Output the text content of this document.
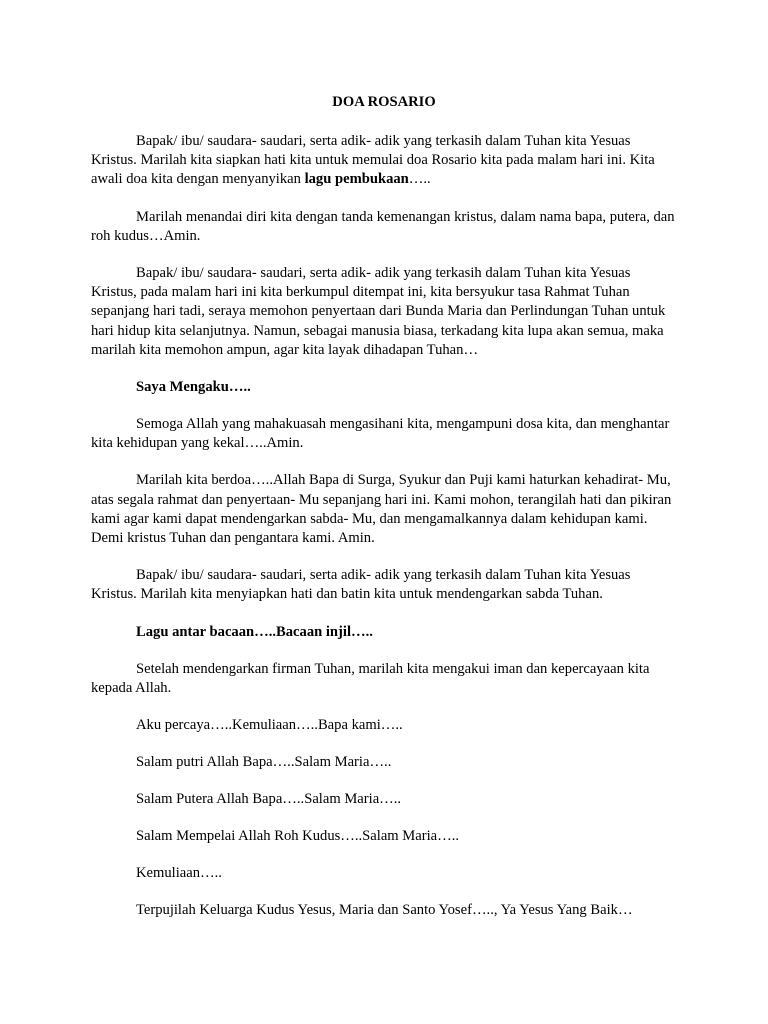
DOA ROSARIO

Bapak/ ibu/ saudara- saudari, serta adik- adik yang terkasih dalam Tuhan kita Yesuas Kristus. Marilah kita siapkan hati kita untuk memulai doa Rosario kita pada malam hari ini. Kita awali doa kita dengan menyanyikan lagu pembukaan…..

Marilah menandai diri kita dengan tanda kemenangan kristus, dalam nama bapa, putera, dan roh kudus…Amin.

Bapak/ ibu/ saudara- saudari, serta adik- adik yang terkasih dalam Tuhan kita Yesuas Kristus, pada malam hari ini kita berkumpul ditempat ini, kita bersyukur tasa Rahmat Tuhan sepanjang hari tadi, seraya memohon penyertaan dari Bunda Maria dan Perlindungan Tuhan untuk hari hidup kita selanjutnya. Namun, sebagai manusia biasa, terkadang kita lupa akan semua, maka marilah kita memohon ampun, agar kita layak dihadapan Tuhan…

Saya Mengaku…..

Semoga Allah yang mahakuasah mengasihani kita, mengampuni dosa kita, dan menghantar kita kehidupan yang kekal…..Amin.

Marilah kita berdoa…..Allah Bapa di Surga, Syukur dan Puji kami haturkan kehadirat- Mu, atas segala rahmat dan penyertaan- Mu sepanjang hari ini. Kami mohon, terangilah hati dan pikiran kami agar kami dapat mendengarkan sabda- Mu, dan mengamalkannya dalam kehidupan kami. Demi kristus Tuhan dan pengantara kami. Amin.

Bapak/ ibu/ saudara- saudari, serta adik- adik yang terkasih dalam Tuhan kita Yesuas Kristus. Marilah kita menyiapkan hati dan batin kita untuk mendengarkan sabda Tuhan.

Lagu antar bacaan…..Bacaan injil…..

Setelah mendengarkan firman Tuhan, marilah kita mengakui iman dan kepercayaan kita kepada Allah.

Aku percaya…..Kemuliaan…..Bapa kami…..

Salam putri Allah Bapa…..Salam Maria…..

Salam Putera Allah Bapa…..Salam Maria…..

Salam Mempelai Allah Roh Kudus…..Salam Maria…..

Kemuliaan…..

Terpujilah Keluarga Kudus Yesus, Maria dan Santo Yosef….., Ya Yesus Yang Baik…
